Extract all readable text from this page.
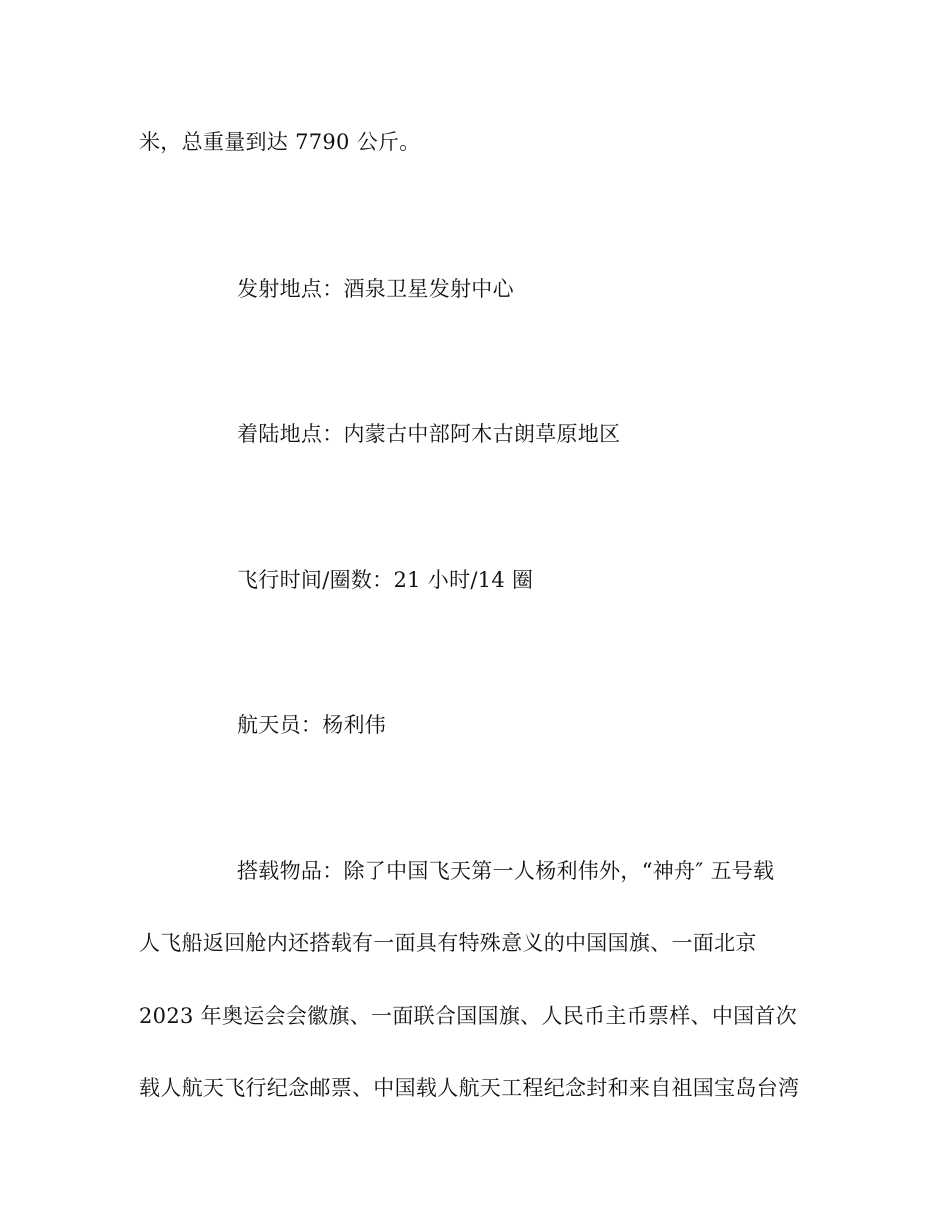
米，总重量到达 7790 公斤。
发射地点：酒泉卫星发射中心
着陆地点：内蒙古中部阿木古朗草原地区
飞行时间/圈数：21 小时/14 圈
航天员：杨利伟
搭载物品：除了中国飞天第一人杨利伟外，“神舟″ 五号载
人飞船返回舱内还搭载有一面具有特殊意义的中国国旗、一面北京
2023 年奥运会会徽旗、一面联合国国旗、人民币主币票样、中国首次
载人航天飞行纪念邮票、中国载人航天工程纪念封和来自祖国宝岛台湾
